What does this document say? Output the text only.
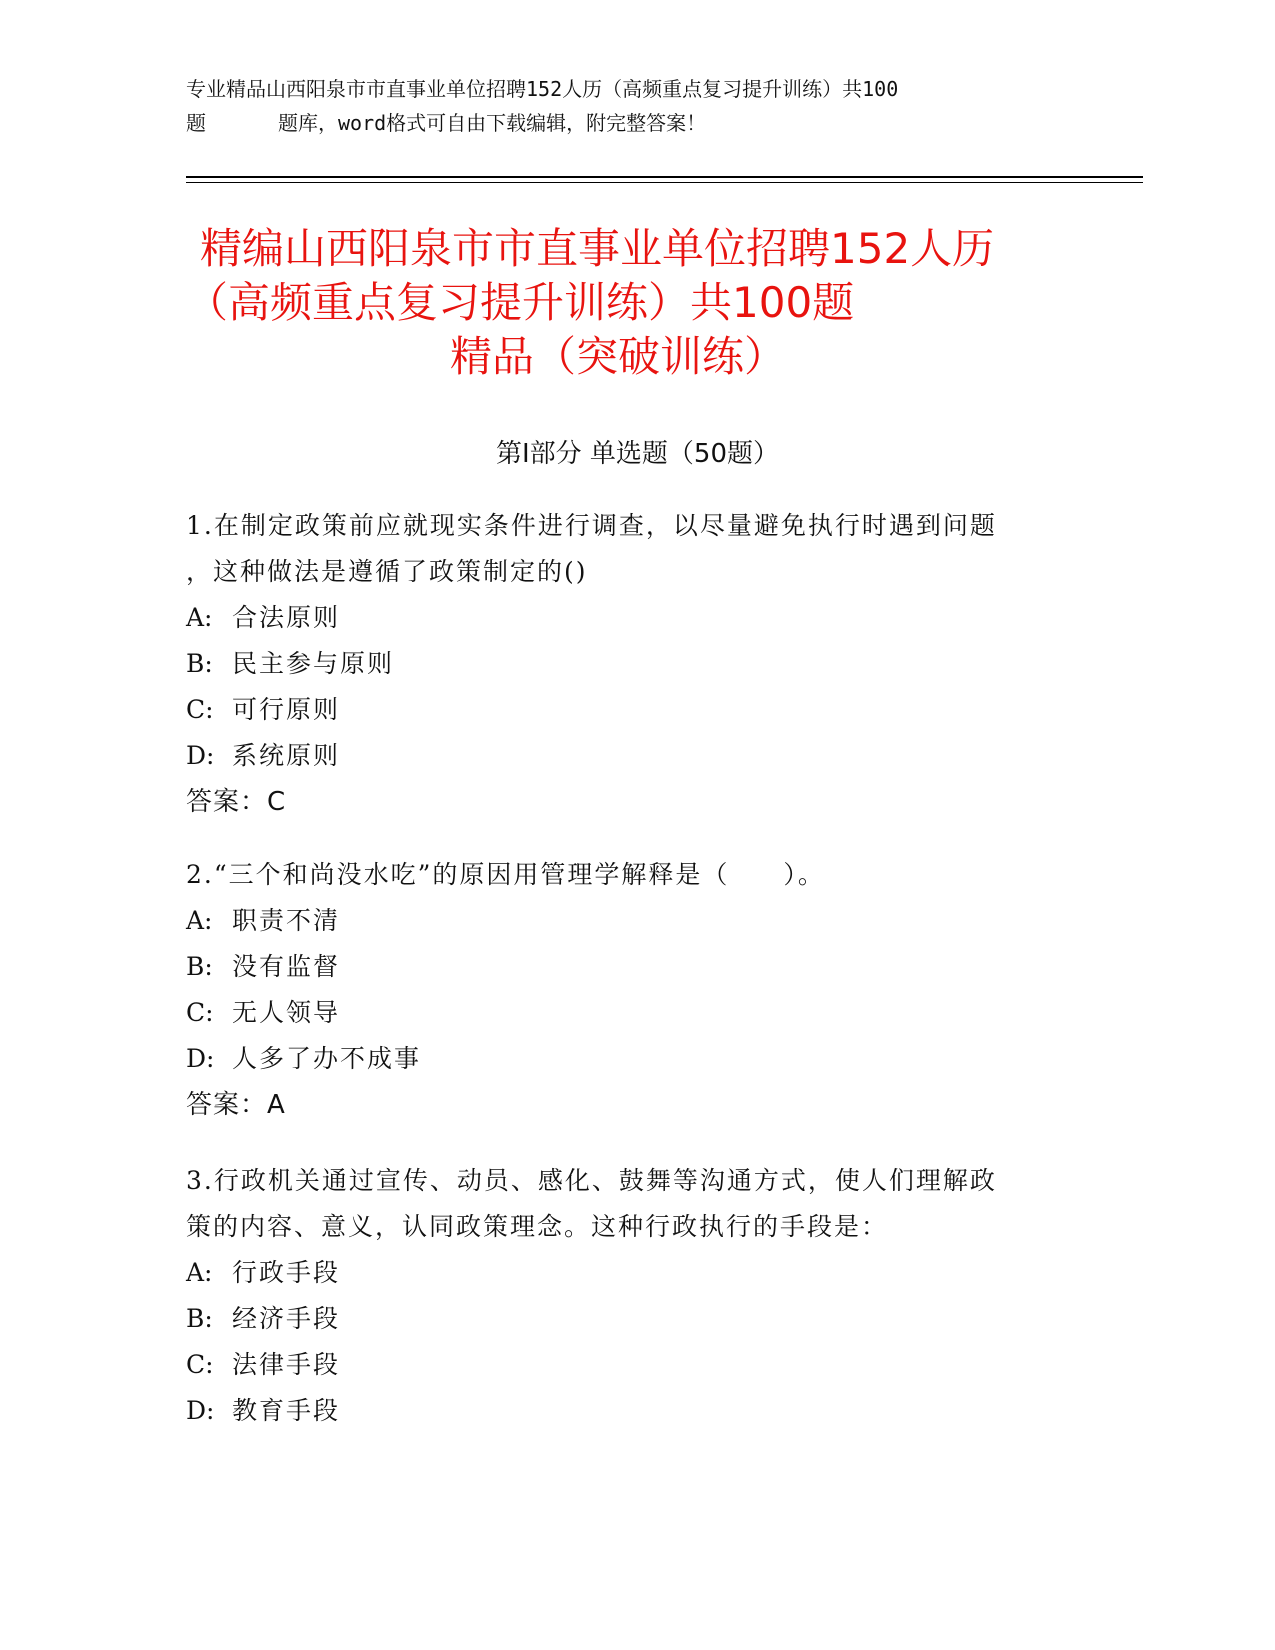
专业精品山西阳泉市市直事业单位招聘152人历（高频重点复习提升训练）共100
题	题库，word格式可自由下载编辑，附完整答案！
精编山西阳泉市市直事业单位招聘152人历
（高频重点复习提升训练）共100题
精品（突破训练）
第Ⅰ部分 单选题（50题）
1.在制定政策前应就现实条件进行调查，以尽量避免执行时遇到问题
，这种做法是遵循了政策制定的()
A: 合法原则
B: 民主参与原则
C: 可行原则
D: 系统原则
答案：C
2.“三个和尚没水吃”的原因用管理学解释是（　　）。
A: 职责不清
B: 没有监督
C: 无人领导
D: 人多了办不成事
答案：A
3.行政机关通过宣传、动员、感化、鼓舞等沟通方式，使人们理解政
策的内容、意义，认同政策理念。这种行政执行的手段是：
A: 行政手段
B: 经济手段
C: 法律手段
D: 教育手段
